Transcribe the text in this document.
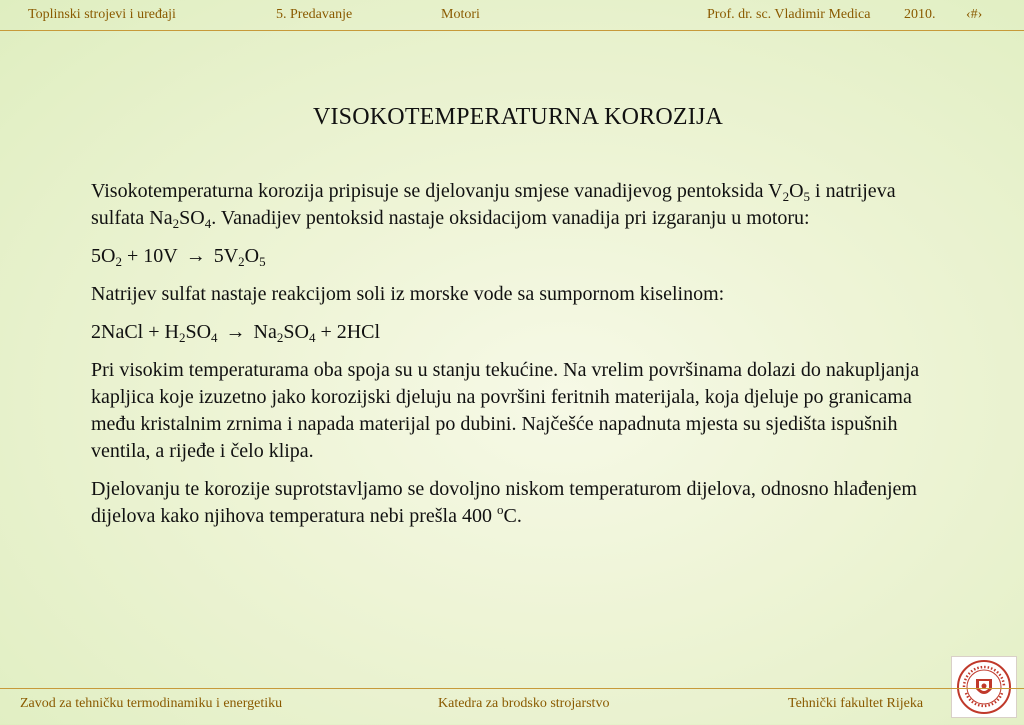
Toplinski strojevi i uređaji	5. Predavanje	Motori	Prof. dr. sc. Vladimir Medica 2010. ‹#›
VISOKOTEMPERATURNA KOROZIJA

Visokotemperaturna korozija pripisuje se djelovanju smjese vanadijevog pentoksida $V_2O_5$ i natrijeva sulfata $Na_2SO_4$. Vanadijev pentoksid nastaje oksidacijom vanadija pri izgaranju u motoru:

$5O_2 + 10V \to 5V_2O_5$

Natrijev sulfat nastaje reakcijom soli iz morske vode sa sumpornom kiselinom:

2NaCl + $H_2SO_4 \to Na_2SO_4 + 2HCl$

Pri visokim temperaturama oba spoja su u stanju tekućine. Na vrelim površinama dolazi do nakupljanja kapljica koje izuzetno jako korozijski djeluju na površini feritnih materijala, koja djeluje po granicama među kristalnim zrnima i napada materijal po dubini. Najčešće napadnuta mjesta su sjedišta ispušnih ventila, a rijeđe i čelo klipa.

Djelovanju te korozije suprotstavljamo se dovoljno niskom temperaturom dijelova, odnosno hlađenjem dijelova kako njihova temperatura nebi prešla 400 $^o$C.

Zavod za tehničku termodinamiku i energetiku	Katedra za brodsko strojarstvo	Tehnički fakultet Rijeka
